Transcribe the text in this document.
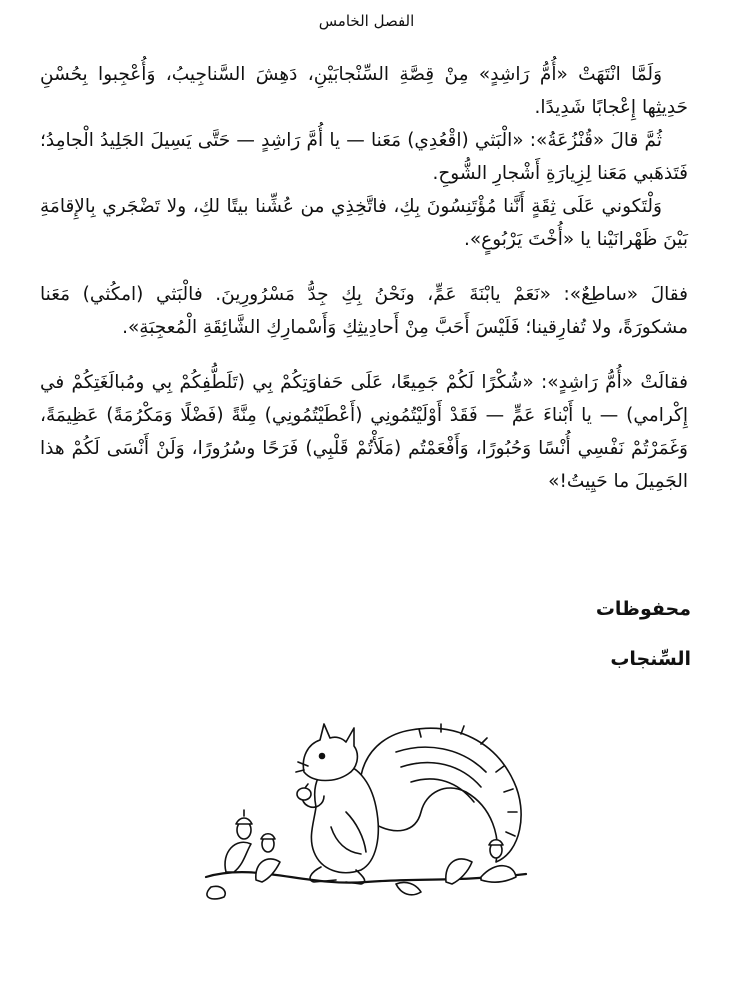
الفصل الخامس

وَلَمَّا انْتَهَتْ «أُمُّ رَاشِدٍ» مِنْ قِصَّةِ السِّنْجابَيْنِ، دَهِشَ السَّناجِيبُ، وَأُعْجِبوا بِحُسْنِ حَدِيثِها إِعْجابًا شَدِيدًا.

ثُمَّ قالَ «قُنْزُعَةُ»: «الْبَثي (اقْعُدِي) مَعَنا — يا أُمَّ رَاشِدٍ — حَتَّى يَسِيلَ الجَلِيدُ الْجامِدُ؛ فَتَذهَبي مَعَنا لِزِيارَةِ أَشْجارِ الشُّوحِ.

وَلْتَكوني عَلَى ثِقَةٍ أَنَّنا مُؤْتَنِسُونَ بِكِ، فاتَّخِذِي من عُشِّنا بيتًا لكِ، ولا تَضْجَري بِالإِقامَةِ بَيْنَ ظَهْرانَيْنا يا «أُخْتَ يَرْبُوعٍ».

فقالَ «ساطِعٌ»: «نَعَمْ يابْنَةَ عَمٍّ، ونَحْنُ بِكِ جِدُّ مَسْرُورِينَ. فالْبَثي (امكُثي) مَعَنا مشكورَةً، ولا تُفارِقينا؛ فَلَيْسَ أَحَبَّ مِنْ أَحادِيثِكِ وَأَسْمارِكِ الشَّائِقَةِ الْمُعجِبَةِ».

فقالَتْ «أُمُّ رَاشِدٍ»: «شُكْرًا لَكُمْ جَمِيعًا، عَلَى حَفاوَتِكُمْ بِي (تَلَطُّفِكُمْ بِي ومُبالَغَتِكُمْ في إِكْرامي) — يا أَبْناءَ عَمٍّ — فَقَدْ أَوْلَيْتُمُونِي (أَعْطَيْتُمُونِي) مِنَّةً (فَضْلًا وَمَكْرُمَةً) عَظِيمَةً، وَغَمَرْتُمْ نَفْسِي أُنْسًا وَحُبُورًا، وَأَفْعَمْتُم (مَلَأْتُمْ قَلْبِي) فَرَحًا وسُرُورًا، وَلَنْ أَنْسَى لَكُمْ هذا الجَمِيلَ ما حَيِيتُ!»

محفوظات
السِّنجاب
